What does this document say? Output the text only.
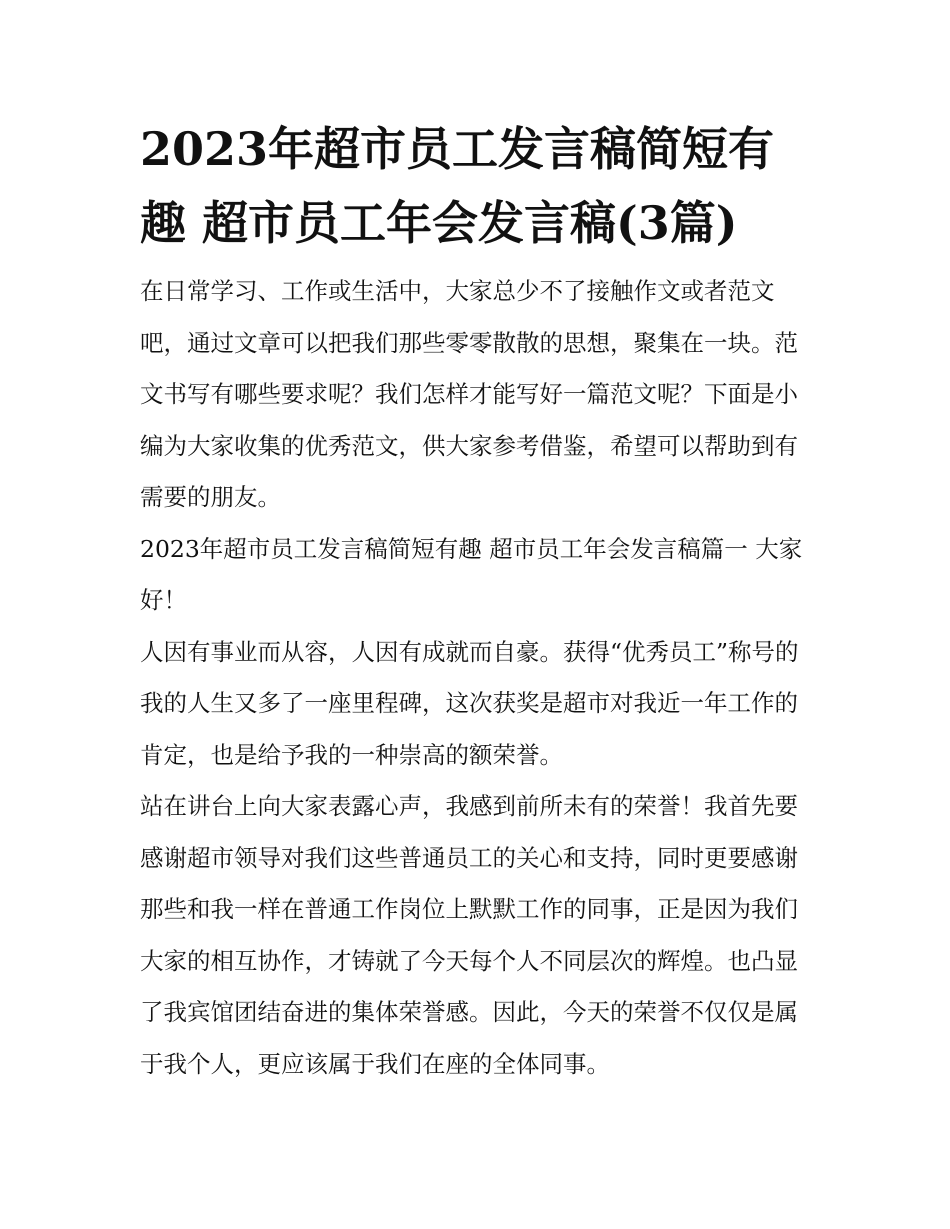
2023年超市员工发言稿简短有趣 超市员工年会发言稿(3篇)

在日常学习、工作或生活中，大家总少不了接触作文或者范文吧，通过文章可以把我们那些零零散散的思想，聚集在一块。范文书写有哪些要求呢？我们怎样才能写好一篇范文呢？下面是小编为大家收集的优秀范文，供大家参考借鉴，希望可以帮助到有需要的朋友。

2023年超市员工发言稿简短有趣 超市员工年会发言稿篇一 大家好！

人因有事业而从容，人因有成就而自豪。获得“优秀员工”称号的我的人生又多了一座里程碑，这次获奖是超市对我近一年工作的肯定，也是给予我的一种崇高的额荣誉。

站在讲台上向大家表露心声，我感到前所未有的荣誉！我首先要感谢超市领导对我们这些普通员工的关心和支持，同时更要感谢那些和我一样在普通工作岗位上默默工作的同事，正是因为我们大家的相互协作，才铸就了今天每个人不同层次的辉煌。也凸显了我宾馆团结奋进的集体荣誉感。因此，今天的荣誉不仅仅是属于我个人，更应该属于我们在座的全体同事。
